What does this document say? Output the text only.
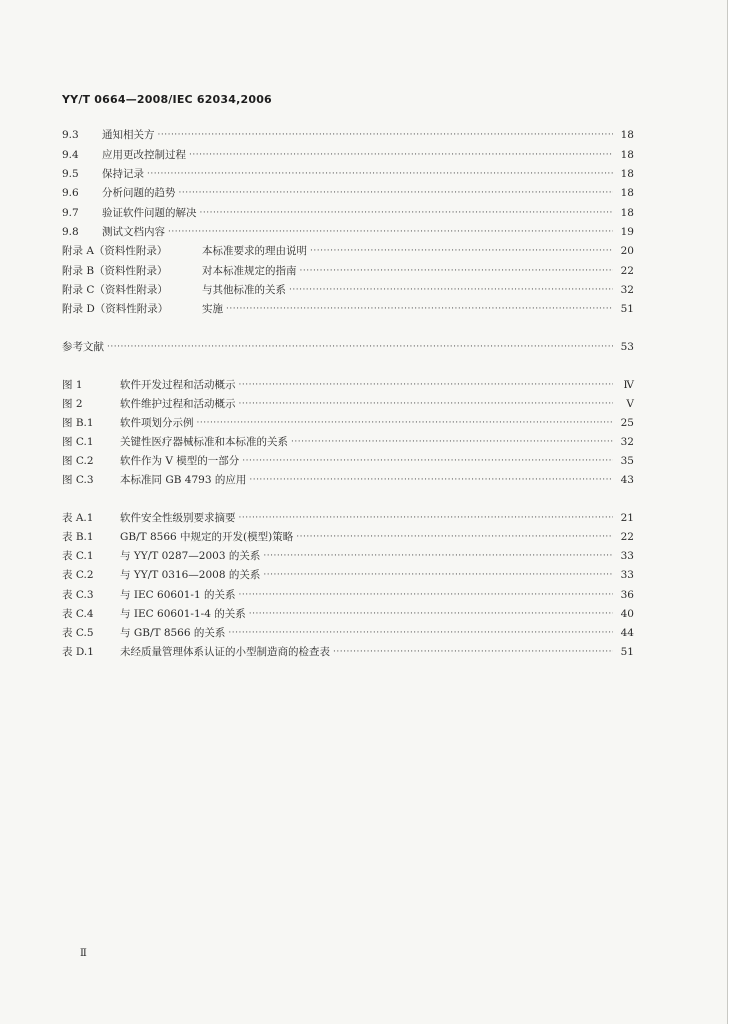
YY/T 0664—2008/IEC 62034,2006
9.3	通知相关方 ·····	18
9.4	应用更改控制过程 ·····	18
9.5	保持记录 ·····	18
9.6	分析问题的趋势 ·····	18
9.7	验证软件问题的解决 ·····	18
9.8	测试文档内容 ·····	19
附录 A（资料性附录）	本标准要求的理由说明 ·····	20
附录 B（资料性附录）	对本标准规定的指南 ·····	22
附录 C（资料性附录）	与其他标准的关系 ·····	32
附录 D（资料性附录）	实施 ·····	51
参考文献 ·····	53
图 1	软件开发过程和活动概示 ·····	Ⅳ
图 2	软件维护过程和活动概示 ·····	Ⅴ
图 B.1	软件项划分示例 ·····	25
图 C.1	关键性医疗器械标准和本标准的关系 ·····	32
图 C.2	软件作为 V 模型的一部分 ·····	35
图 C.3	本标准同 GB 4793 的应用 ·····	43
表 A.1	软件安全性级别要求摘要 ·····	21
表 B.1	GB/T 8566 中规定的开发(模型)策略 ·····	22
表 C.1	与 YY/T 0287—2003 的关系 ·····	33
表 C.2	与 YY/T 0316—2008 的关系 ·····	33
表 C.3	与 IEC 60601-1 的关系 ·····	36
表 C.4	与 IEC 60601-1-4 的关系 ·····	40
表 C.5	与 GB/T 8566 的关系 ·····	44
表 D.1	未经质量管理体系认证的小型制造商的检查表 ·····	51
Ⅱ
